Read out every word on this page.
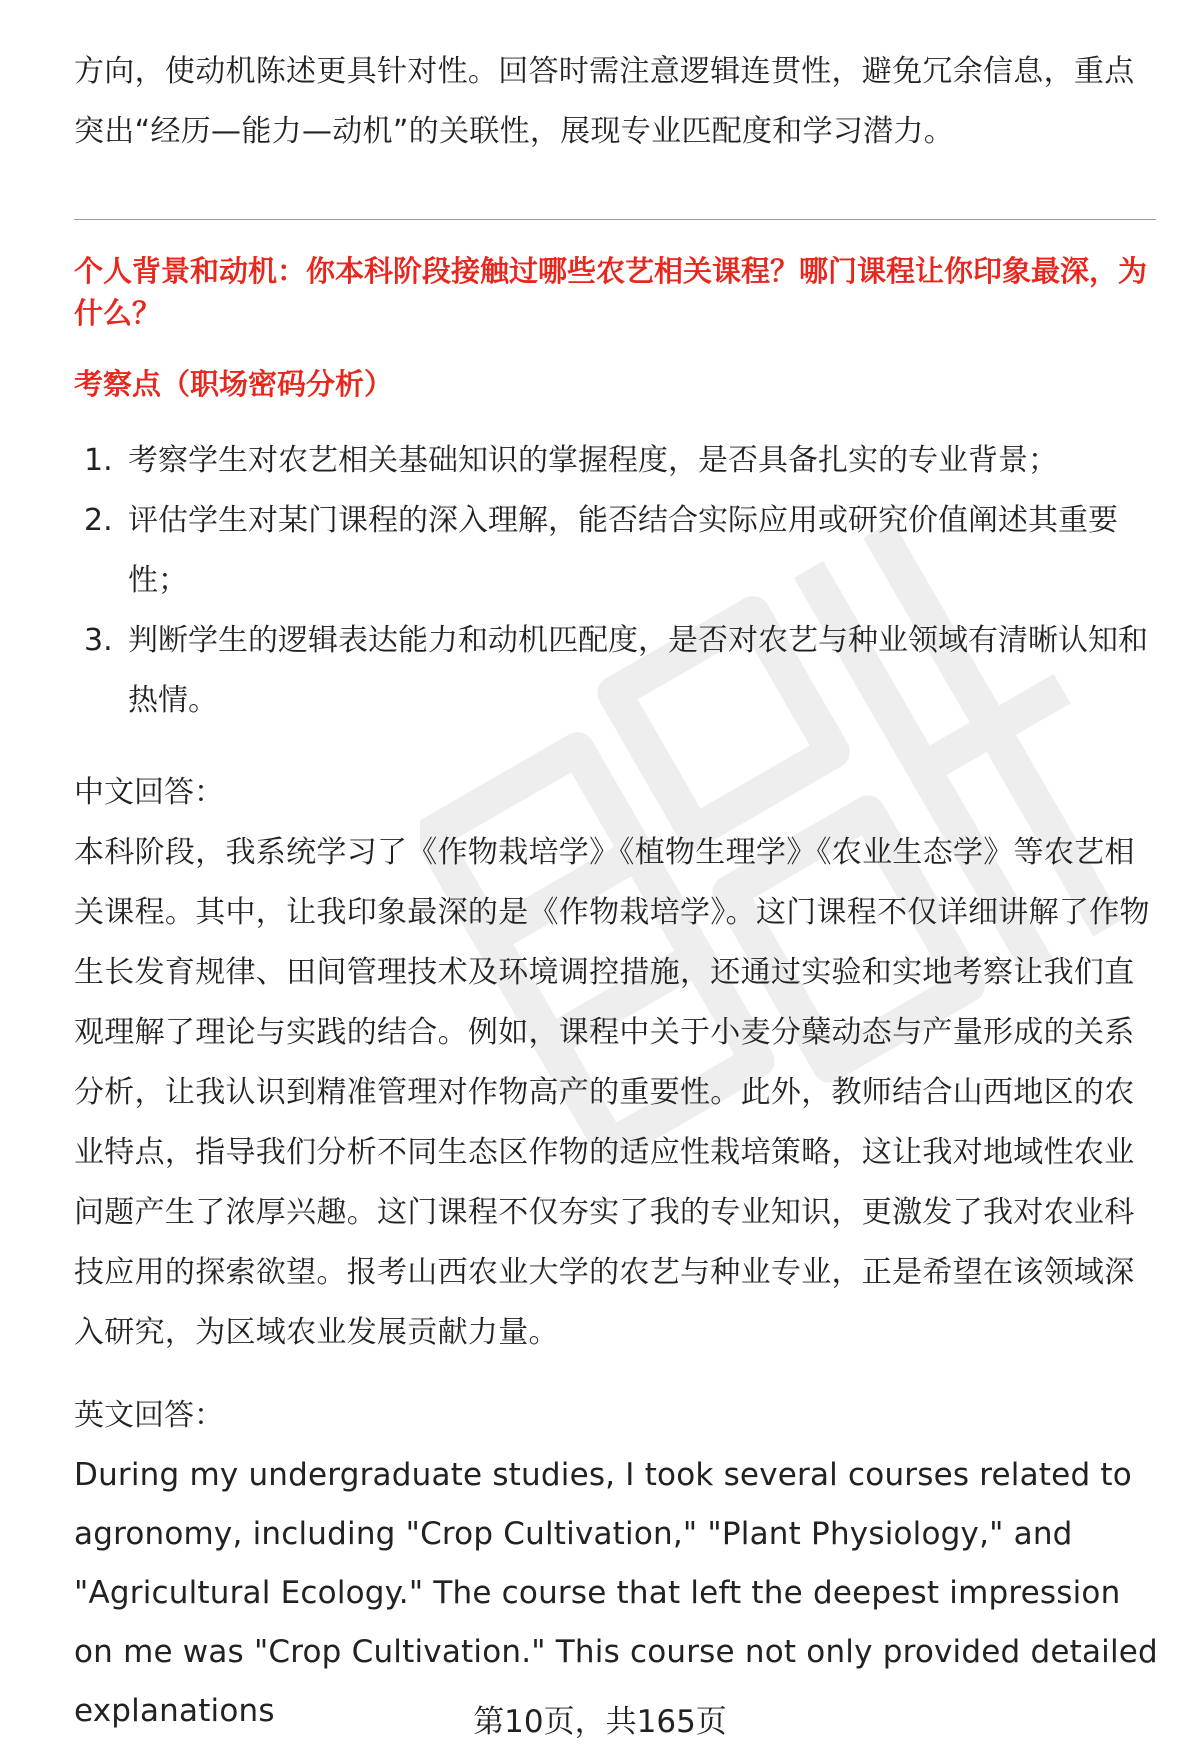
方向，使动机陈述更具针对性。回答时需注意逻辑连贯性，避免冗余信息，重点突出“经历—能力—动机”的关联性，展现专业匹配度和学习潜力。

个人背景和动机：你本科阶段接触过哪些农艺相关课程？哪门课程让你印象最深，为什么？

考察点（职场密码分析）

1. 考察学生对农艺相关基础知识的掌握程度，是否具备扎实的专业背景；
2. 评估学生对某门课程的深入理解，能否结合实际应用或研究价值阐述其重要性；
3. 判断学生的逻辑表达能力和动机匹配度，是否对农艺与种业领域有清晰认知和热情。

中文回答：

本科阶段，我系统学习了《作物栽培学》《植物生理学》《农业生态学》等农艺相关课程。其中，让我印象最深的是《作物栽培学》。这门课程不仅详细讲解了作物生长发育规律、田间管理技术及环境调控措施，还通过实验和实地考察让我们直观理解了理论与实践的结合。例如，课程中关于小麦分蘖动态与产量形成的关系分析，让我认识到精准管理对作物高产的重要性。此外，教师结合山西地区的农业特点，指导我们分析不同生态区作物的适应性栽培策略，这让我对地域性农业问题产生了浓厚兴趣。这门课程不仅夯实了我的专业知识，更激发了我对农业科技应用的探索欲望。报考山西农业大学的农艺与种业专业，正是希望在该领域深入研究，为区域农业发展贡献力量。

英文回答：

During my undergraduate studies, I took several courses related to agronomy, including "Crop Cultivation," "Plant Physiology," and "Agricultural Ecology." The course that left the deepest impression on me was "Crop Cultivation." This course not only provided detailed explanations	第10页，共165页
